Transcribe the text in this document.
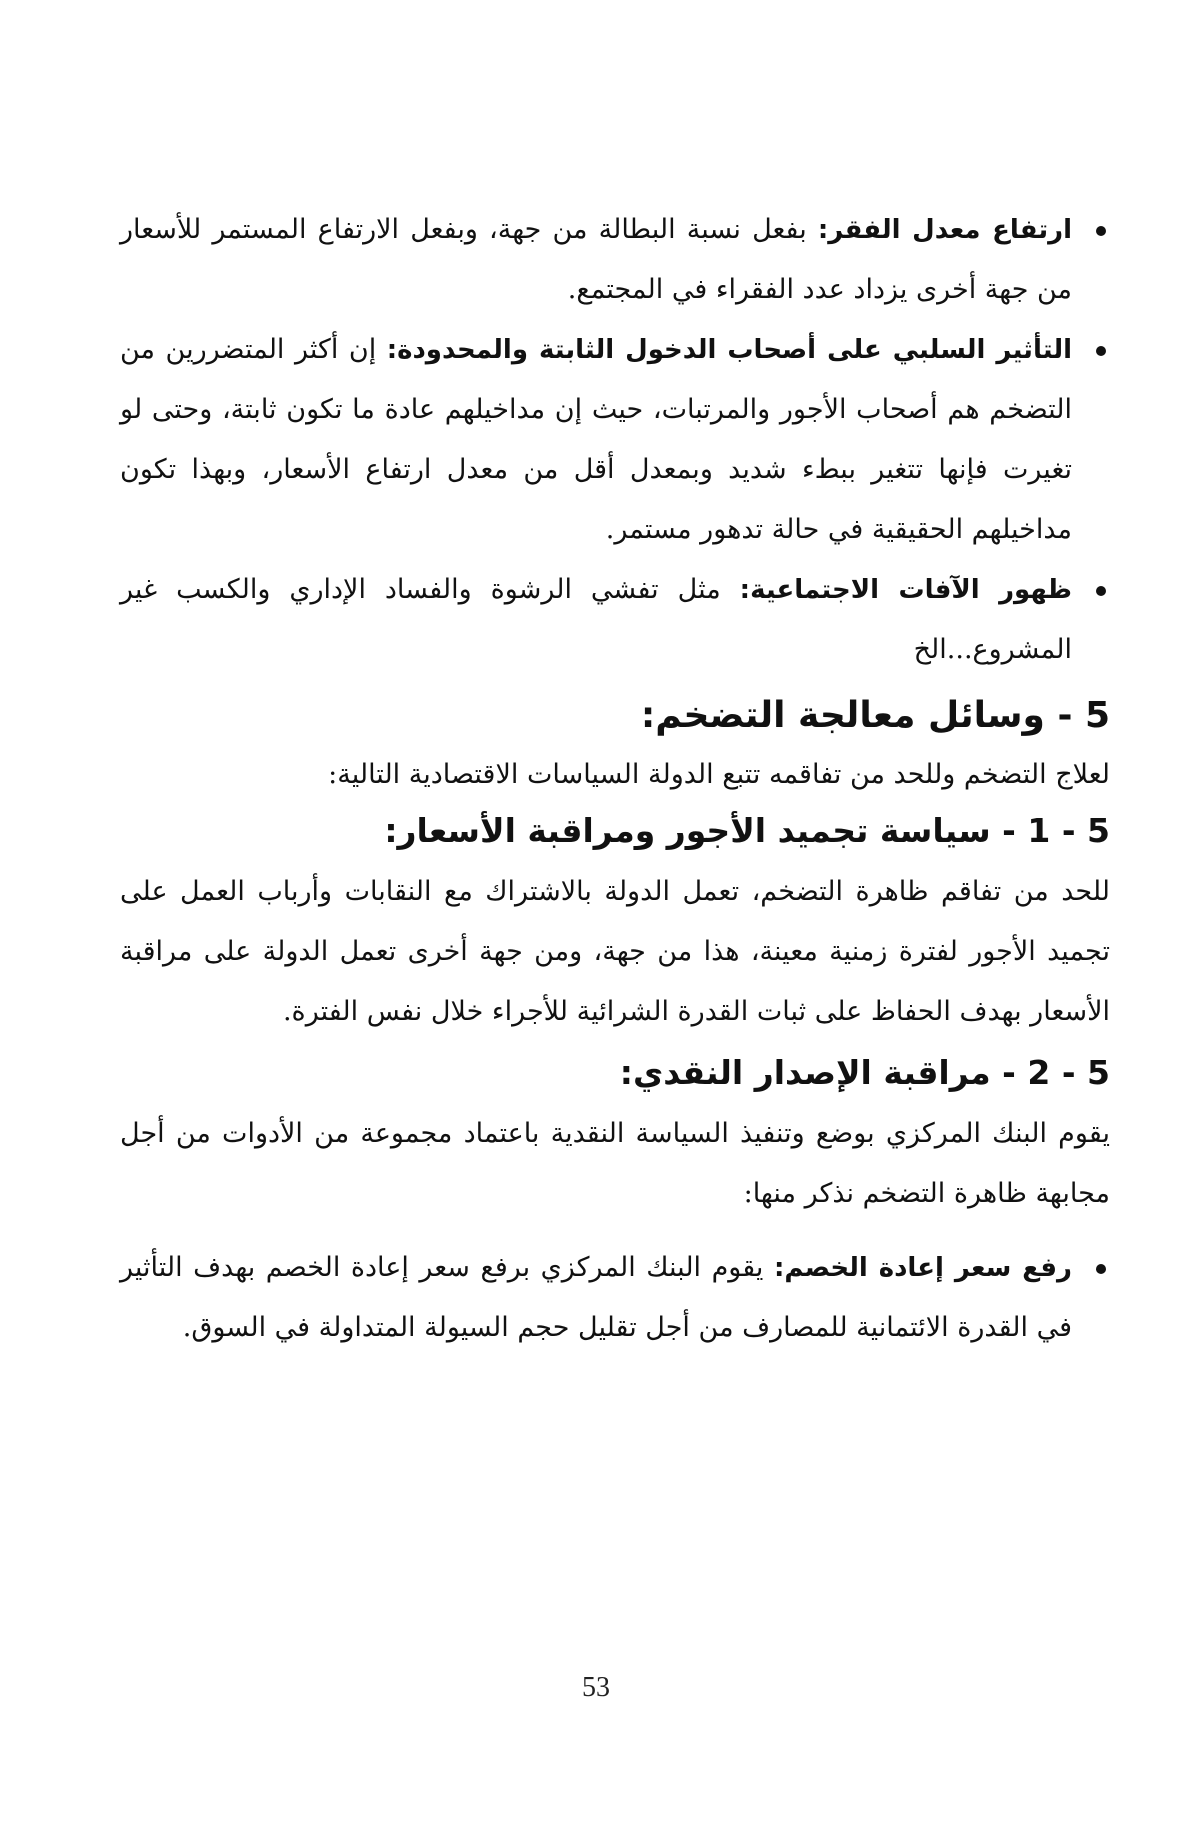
ارتفاع معدل الفقر: بفعل نسبة البطالة من جهة، وبفعل الارتفاع المستمر للأسعار من جهة أخرى يزداد عدد الفقراء في المجتمع.
التأثير السلبي على أصحاب الدخول الثابتة والمحدودة: إن أكثر المتضررين من التضخم هم أصحاب الأجور والمرتبات، حيث إن مداخيلهم عادة ما تكون ثابتة، وحتى لو تغيرت فإنها تتغير ببطء شديد وبمعدل أقل من معدل ارتفاع الأسعار، وبهذا تكون مداخيلهم الحقيقية في حالة تدهور مستمر.
ظهور الآفات الاجتماعية: مثل تفشي الرشوة والفساد الإداري والكسب غير المشروع...الخ
5 - وسائل معالجة التضخم:

لعلاج التضخم وللحد من تفاقمه تتبع الدولة السياسات الاقتصادية التالية:

5 - 1 - سياسة تجميد الأجور ومراقبة الأسعار:

للحد من تفاقم ظاهرة التضخم، تعمل الدولة بالاشتراك مع النقابات وأرباب العمل على تجميد الأجور لفترة زمنية معينة، هذا من جهة، ومن جهة أخرى تعمل الدولة على مراقبة الأسعار بهدف الحفاظ على ثبات القدرة الشرائية للأجراء خلال نفس الفترة.

5 - 2 - مراقبة الإصدار النقدي:

يقوم البنك المركزي بوضع وتنفيذ السياسة النقدية باعتماد مجموعة من الأدوات من أجل مجابهة ظاهرة التضخم نذكر منها:

رفع سعر إعادة الخصم: يقوم البنك المركزي برفع سعر إعادة الخصم بهدف التأثير في القدرة الائتمانية للمصارف من أجل تقليل حجم السيولة المتداولة في السوق.
53
